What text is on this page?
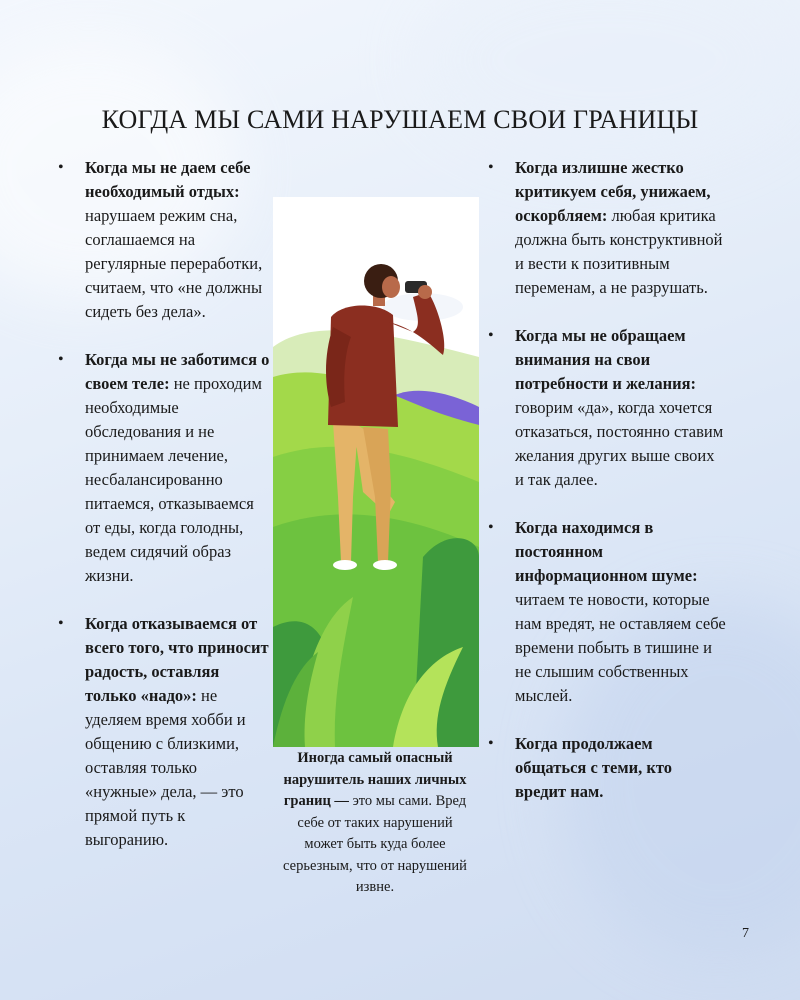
КОГДА МЫ САМИ НАРУШАЕМ СВОИ ГРАНИЦЫ
• Когда мы не даем себе необходимый отдых: нарушаем режим сна, соглашаемся на регулярные переработки, считаем, что «не должны сидеть без дела».
• Когда мы не заботимся о своем теле: не проходим необходимые обследования и не принимаем лечение, несбалансированно питаемся, отказываемся от еды, когда голодны, ведем сидячий образ жизни.
• Когда отказываемся от всего того, что приносит радость, оставляя только «надо»: не уделяем время хобби и общению с близкими, оставляя только «нужные» дела, — это прямой путь к выгоранию.
• Когда излишне жестко критикуем себя, унижаем, оскорбляем: любая критика должна быть конструктивной и вести к позитивным переменам, а не разрушать.
• Когда мы не обращаем внимания на свои потребности и желания: говорим «да», когда хочется отказаться, постоянно ставим желания других выше своих и так далее.
• Когда находимся в постоянном информационном шуме: читаем те новости, которые нам вредят, не оставляем себе времени побыть в тишине и не слышим собственных мыслей.
• Когда продолжаем общаться с теми, кто вредит нам.
Иногда самый опасный нарушитель наших личных границ — это мы сами. Вред себе от таких нарушений может быть куда более серьезным, что от нарушений извне.
7
